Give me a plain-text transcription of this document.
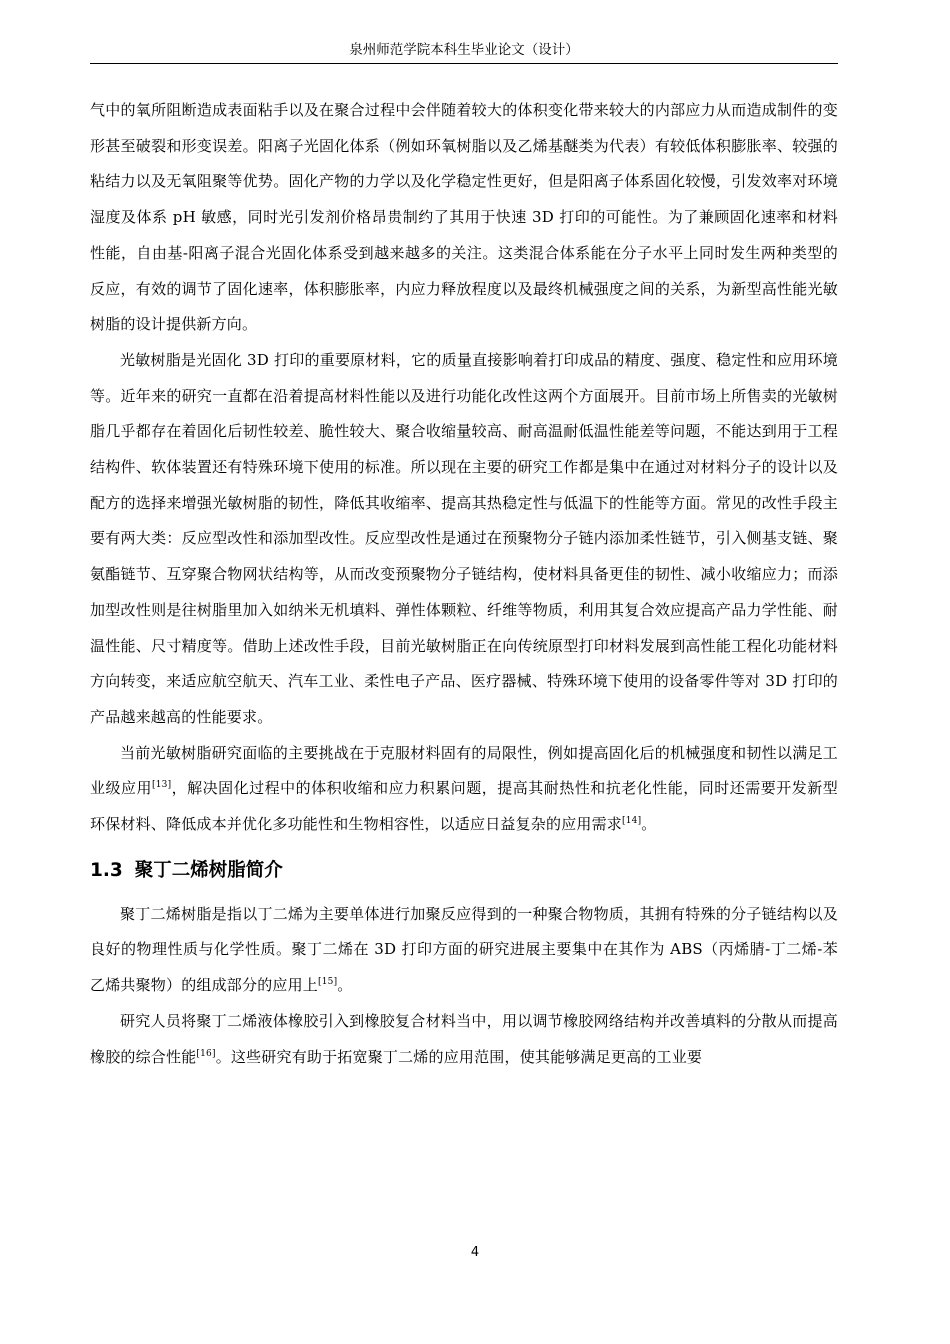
泉州师范学院本科生毕业论文（设计）

气中的氧所阻断造成表面粘手以及在聚合过程中会伴随着较大的体积变化带来较大的内部应力从而造成制件的变形甚至破裂和形变误差。阳离子光固化体系（例如环氧树脂以及乙烯基醚类为代表）有较低体积膨胀率、较强的粘结力以及无氧阻聚等优势。固化产物的力学以及化学稳定性更好，但是阳离子体系固化较慢，引发效率对环境湿度及体系 pH 敏感，同时光引发剂价格昂贵制约了其用于快速 3D 打印的可能性。为了兼顾固化速率和材料性能，自由基-阳离子混合光固化体系受到越来越多的关注。这类混合体系能在分子水平上同时发生两种类型的反应，有效的调节了固化速率，体积膨胀率，内应力释放程度以及最终机械强度之间的关系，为新型高性能光敏树脂的设计提供新方向。

光敏树脂是光固化 3D 打印的重要原材料，它的质量直接影响着打印成品的精度、强度、稳定性和应用环境等。近年来的研究一直都在沿着提高材料性能以及进行功能化改性这两个方面展开。目前市场上所售卖的光敏树脂几乎都存在着固化后韧性较差、脆性较大、聚合收缩量较高、耐高温耐低温性能差等问题，不能达到用于工程结构件、软体装置还有特殊环境下使用的标准。所以现在主要的研究工作都是集中在通过对材料分子的设计以及配方的选择来增强光敏树脂的韧性，降低其收缩率、提高其热稳定性与低温下的性能等方面。常见的改性手段主要有两大类：反应型改性和添加型改性。反应型改性是通过在预聚物分子链内添加柔性链节，引入侧基支链、聚氨酯链节、互穿聚合物网状结构等，从而改变预聚物分子链结构，使材料具备更佳的韧性、减小收缩应力；而添加型改性则是往树脂里加入如纳米无机填料、弹性体颗粒、纤维等物质，利用其复合效应提高产品力学性能、耐温性能、尺寸精度等。借助上述改性手段，目前光敏树脂正在向传统原型打印材料发展到高性能工程化功能材料方向转变，来适应航空航天、汽车工业、柔性电子产品、医疗器械、特殊环境下使用的设备零件等对 3D 打印的产品越来越高的性能要求。

当前光敏树脂研究面临的主要挑战在于克服材料固有的局限性，例如提高固化后的机械强度和韧性以满足工业级应用[13]，解决固化过程中的体积收缩和应力积累问题，提高其耐热性和抗老化性能，同时还需要开发新型环保材料、降低成本并优化多功能性和生物相容性，以适应日益复杂的应用需求[14]。

1.3 聚丁二烯树脂简介

聚丁二烯树脂是指以丁二烯为主要单体进行加聚反应得到的一种聚合物物质，其拥有特殊的分子链结构以及良好的物理性质与化学性质。聚丁二烯在 3D 打印方面的研究进展主要集中在其作为 ABS（丙烯腈-丁二烯-苯乙烯共聚物）的组成部分的应用上[15]。

研究人员将聚丁二烯液体橡胶引入到橡胶复合材料当中，用以调节橡胶网络结构并改善填料的分散从而提高橡胶的综合性能[16]。这些研究有助于拓宽聚丁二烯的应用范围，使其能够满足更高的工业要

4
